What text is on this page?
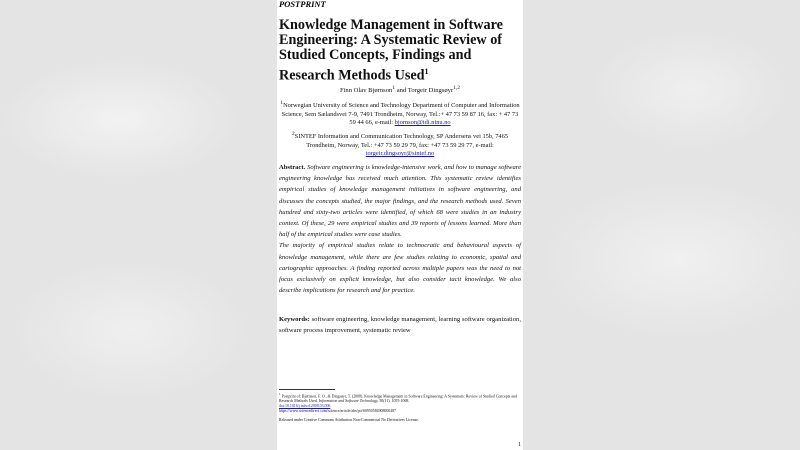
POSTPRINT
Knowledge Management in Software Engineering: A Systematic Review of Studied Concepts, Findings and Research Methods Used$^1$
Finn Olav Bjørnson$^1$ and Torgeir Dingsøyr$^{1,2}$
$^1$Norwegian University of Science and Technology Department of Computer and Information Science, Sem Sælandsvei 7-9, 7491 Trondheim, Norway, Tel.:+ 47 73 59 87 16, fax: + 47 73 59 44 66, e-mail: bjornson@idi.ntnu.no
$^2$SINTEF Information and Communication Technology, SP Andersens vei 15b, 7465 Trondheim, Norway, Tel.: +47 73 59 29 79, fax: +47 73 59 29 77, e-mail: torgeir.dingsoyr@sintef.no
Abstract. Software engineering is knowledge-intensive work, and how to manage software engineering knowledge has received much attention. This systematic review identifies empirical studies of knowledge management initiatives in software engineering, and discusses the concepts studied, the major findings, and the research methods used. Seven hundred and sixty-two articles were identified, of which 68 were studies in an industry context. Of these, 29 were empirical studies and 39 reports of lessons learned. More than half of the empirical studies were case studies.
The majority of empirical studies relate to technocratic and behavioural aspects of knowledge management, while there are few studies relating to economic, spatial and cartographic approaches. A finding reported across multiple papers was the need to not focus exclusively on explicit knowledge, but also consider tacit knowledge. We also describe implications for research and for practice.
Keywords: software engineering, knowledge management, learning software organization, software process improvement, systematic review
$^1$ Postprint of: Bjørnson, F. O., & Dingsøyr, T. (2008). Knowledge Management in Software Engineering: A Systematic Review of Studied Concepts and Research Methods Used. Information and Software Technology, 50(11), 1055-1068.
doi:10.1016/j.infsof.2008.03.006
https://www.sciencedirect.com/science/article/abs/pii/S0950584908000487
Released under Creative Commons Attribution Non-Commercial No Derivatives License.
1
